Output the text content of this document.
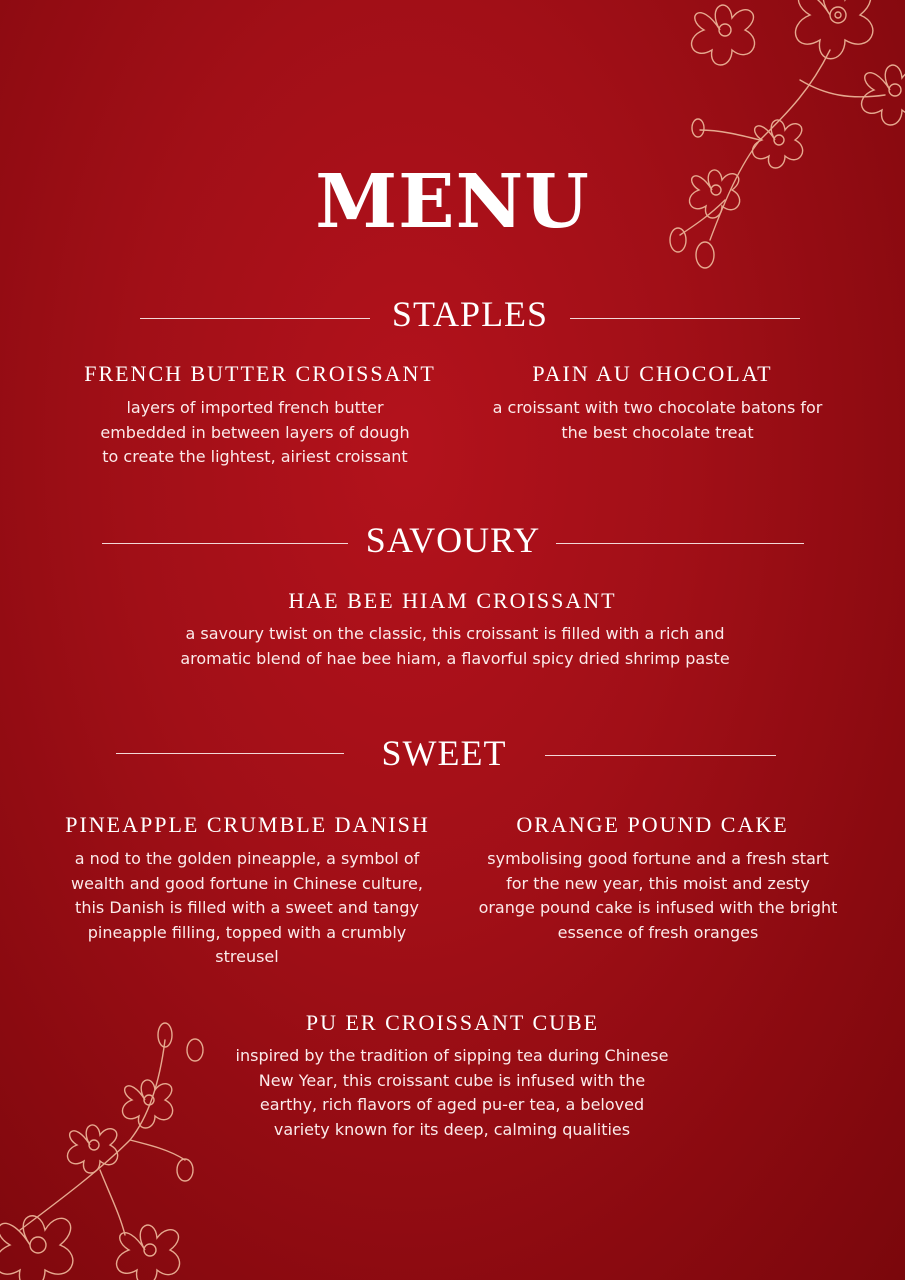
MENU
STAPLES
FRENCH BUTTER CROISSANT
layers of imported french butter embedded in between layers of dough to create the lightest, airiest croissant
PAIN AU CHOCOLAT
a croissant with two chocolate batons for the best chocolate treat
SAVOURY
HAE BEE HIAM CROISSANT
a savoury twist on the classic, this croissant is filled with a rich and aromatic blend of hae bee hiam, a flavorful spicy dried shrimp paste
SWEET
PINEAPPLE CRUMBLE DANISH
a nod to the golden pineapple, a symbol of wealth and good fortune in Chinese culture, this Danish is filled with a sweet and tangy pineapple filling, topped with a crumbly streusel
ORANGE POUND CAKE
symbolising good fortune and a fresh start for the new year, this moist and zesty orange pound cake is infused with the bright essence of fresh oranges
PU ER CROISSANT CUBE
inspired by the tradition of sipping tea during Chinese New Year, this croissant cube is infused with the earthy, rich flavors of aged pu-er tea, a beloved variety known for its deep, calming qualities
